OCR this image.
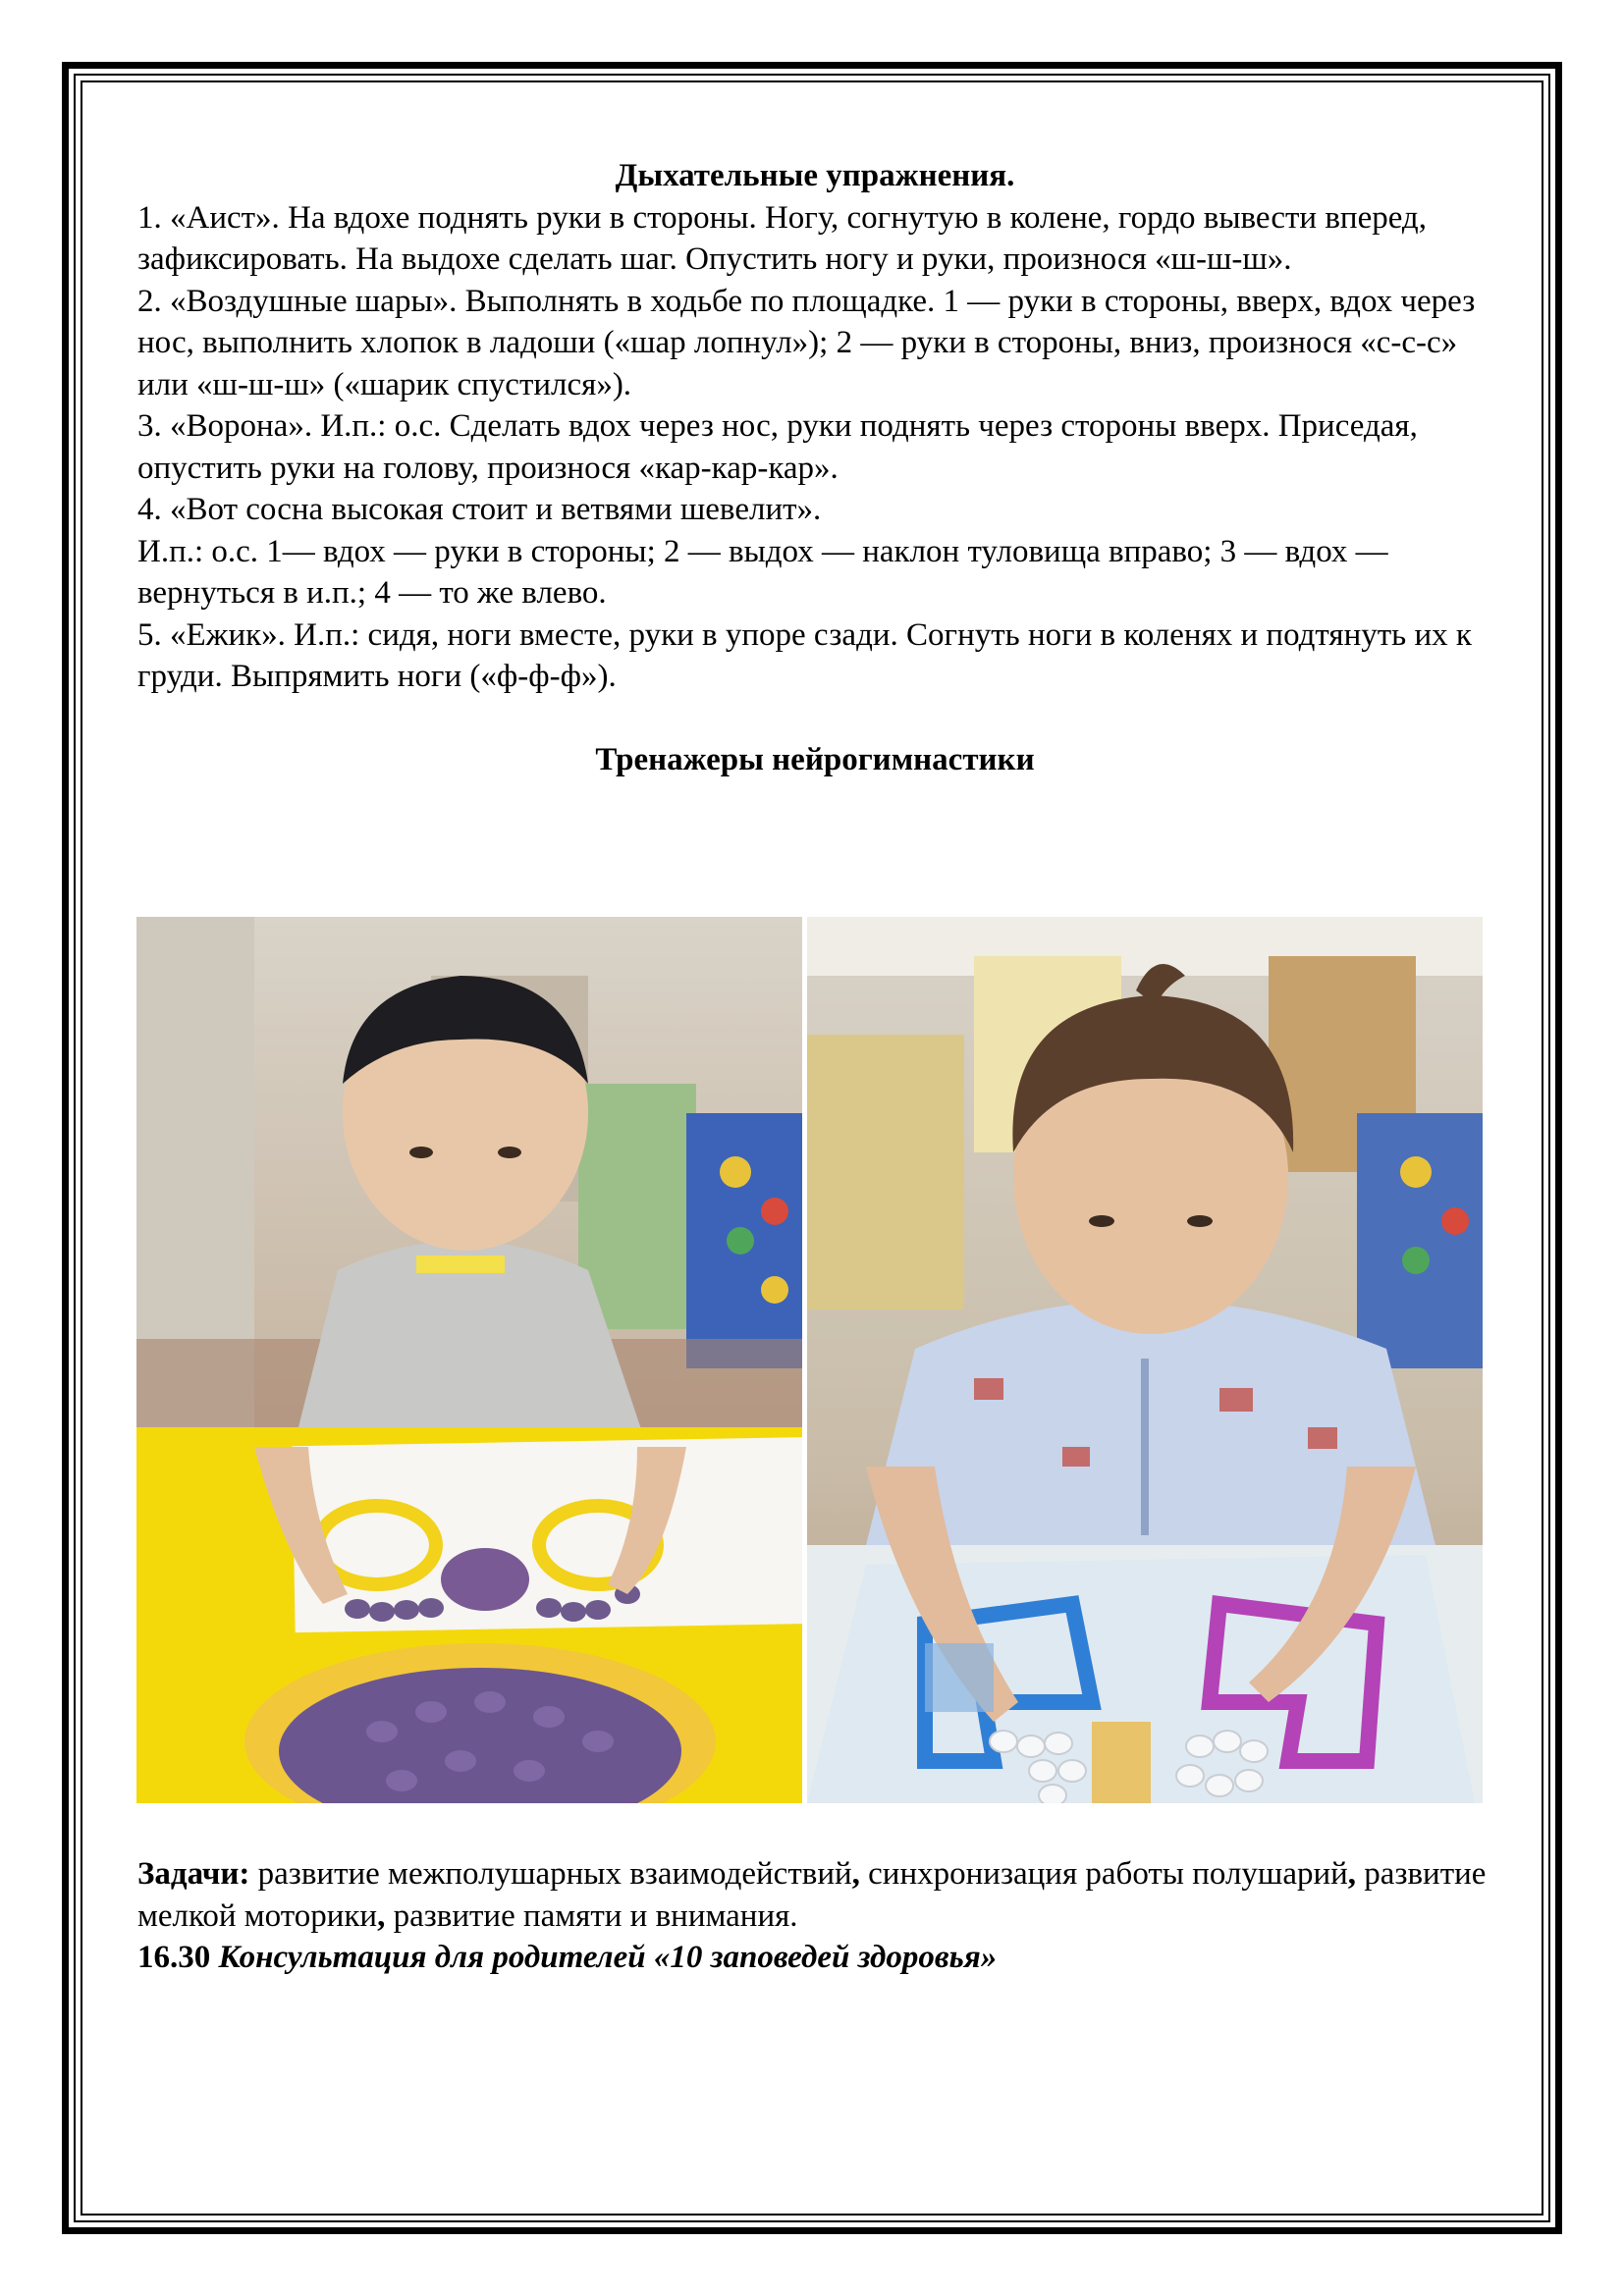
Дыхательные упражнения.

1. «Аист». На вдохе поднять руки в стороны. Ногу, согнутую в колене, гордо вывести вперед, зафиксировать. На выдохе сделать шаг. Опустить ногу и руки, произнося «ш-ш-ш».

2. «Воздушные шары». Выполнять в ходьбе по площадке. 1 — руки в стороны, вверх, вдох через нос, выполнить хлопок в ладоши («шар лопнул»); 2 — руки в стороны, вниз, произнося «с-с-с» или «ш-ш-ш» («шарик спустился»).

3. «Ворона». И.п.: о.с. Сделать вдох через нос, руки поднять через стороны вверх. Приседая, опустить руки на голову, произнося «кар-кар-кар».

4. «Вот сосна высокая стоит и ветвями шевелит».

И.п.: о.с. 1— вдох — руки в стороны; 2 — выдох — наклон туловища вправо; 3 — вдох — вернуться в и.п.; 4 — то же влево.

5. «Ежик». И.п.: сидя, ноги вместе, руки в упоре сзади. Согнуть ноги в коленях и подтянуть их к груди. Выпрямить ноги («ф-ф-ф»).

Тренажеры нейрогимнастики

Задачи: развитие межполушарных взаимодействий, синхронизация работы полушарий, развитие мелкой моторики, развитие памяти и внимания.

16.30 Консультация для родителей «10 заповедей здоровья»
